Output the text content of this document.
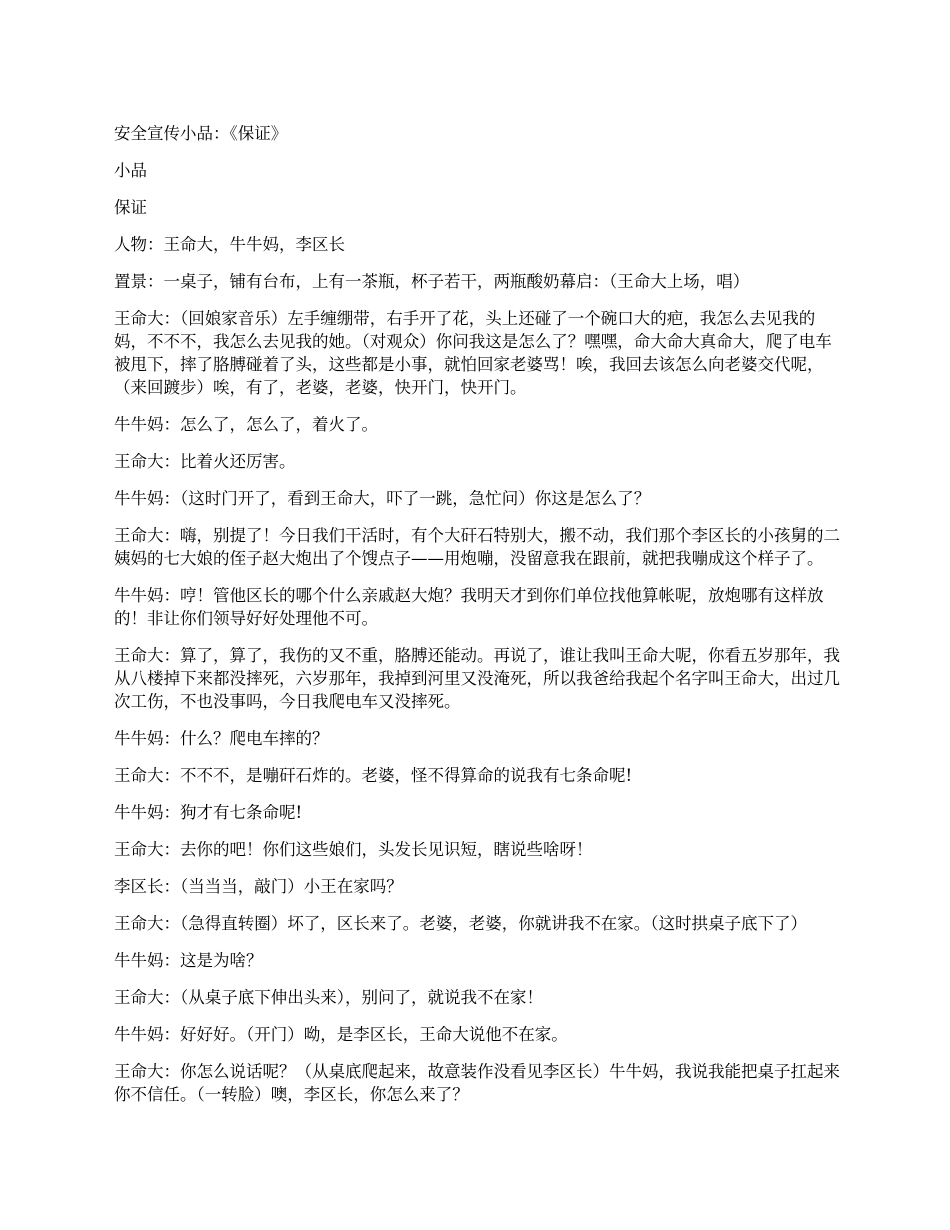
安全宣传小品：《保证》

小品

保证

人物：王命大，牛牛妈，李区长

置景：一桌子，铺有台布，上有一茶瓶，杯子若干，两瓶酸奶幕启：（王命大上场，唱）

王命大：（回娘家音乐）左手缠绷带，右手开了花，头上还碰了一个碗口大的疤，我怎么去见我的妈，不不不，我怎么去见我的她。（对观众）你问我这是怎么了？嘿嘿，命大命大真命大，爬了电车被甩下，摔了胳膊碰着了头，这些都是小事，就怕回家老婆骂！唉，我回去该怎么向老婆交代呢，（来回踱步）唉，有了，老婆，老婆，快开门，快开门。

牛牛妈：怎么了，怎么了，着火了。

王命大：比着火还厉害。

牛牛妈：（这时门开了，看到王命大，吓了一跳，急忙问）你这是怎么了？

王命大：嗨，别提了！今日我们干活时，有个大矸石特别大，搬不动，我们那个李区长的小孩舅的二姨妈的七大娘的侄子赵大炮出了个馊点子——用炮嘣，没留意我在跟前，就把我嘣成这个样子了。

牛牛妈：哼！管他区长的哪个什么亲戚赵大炮？我明天才到你们单位找他算帐呢，放炮哪有这样放的！非让你们领导好好处理他不可。

王命大：算了，算了，我伤的又不重，胳膊还能动。再说了，谁让我叫王命大呢，你看五岁那年，我从八楼掉下来都没摔死，六岁那年，我掉到河里又没淹死，所以我爸给我起个名字叫王命大，出过几次工伤，不也没事吗，今日我爬电车又没摔死。

牛牛妈：什么？爬电车摔的？

王命大：不不不，是嘣矸石炸的。老婆，怪不得算命的说我有七条命呢!

牛牛妈：狗才有七条命呢!

王命大：去你的吧！你们这些娘们，头发长见识短，瞎说些啥呀！

李区长：（当当当，敲门）小王在家吗？

王命大：（急得直转圈）坏了，区长来了。老婆，老婆，你就讲我不在家。（这时拱桌子底下了）

牛牛妈：这是为啥？

王命大：（从桌子底下伸出头来），别问了，就说我不在家！

牛牛妈：好好好。（开门）呦，是李区长，王命大说他不在家。

王命大：你怎么说话呢？（从桌底爬起来，故意装作没看见李区长）牛牛妈，我说我能把桌子扛起来你不信任。（一转脸）噢，李区长，你怎么来了？
